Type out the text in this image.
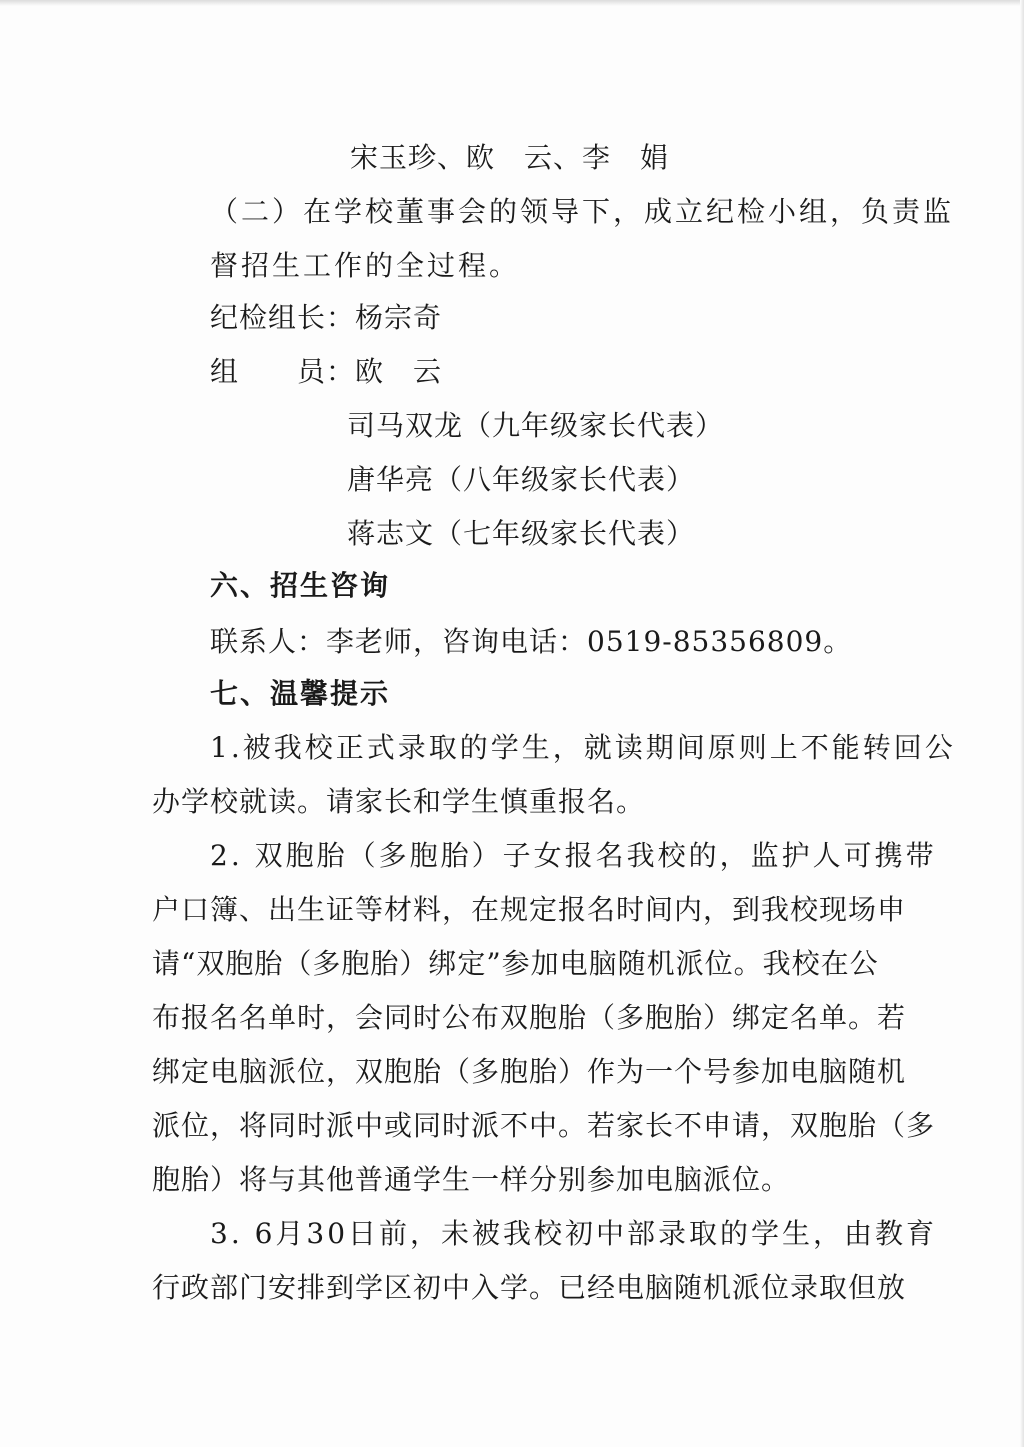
宋玉珍、欧　云、李　娟
（二）在学校董事会的领导下，成立纪检小组，负责监
督招生工作的全过程。
纪检组长：杨宗奇
组　　员：欧　云
司马双龙（九年级家长代表）
唐华亮（八年级家长代表）
蒋志文（七年级家长代表）
六、招生咨询
联系人：李老师，咨询电话：0519-85356809。
七、温馨提示
1.被我校正式录取的学生，就读期间原则上不能转回公
办学校就读。请家长和学生慎重报名。
2. 双胞胎（多胞胎）子女报名我校的，监护人可携带
户口簿、出生证等材料，在规定报名时间内，到我校现场申
请“双胞胎（多胞胎）绑定”参加电脑随机派位。我校在公
布报名名单时，会同时公布双胞胎（多胞胎）绑定名单。若
绑定电脑派位，双胞胎（多胞胎）作为一个号参加电脑随机
派位，将同时派中或同时派不中。若家长不申请，双胞胎（多
胞胎）将与其他普通学生一样分别参加电脑派位。
3. 6月30日前，未被我校初中部录取的学生，由教育
行政部门安排到学区初中入学。已经电脑随机派位录取但放
